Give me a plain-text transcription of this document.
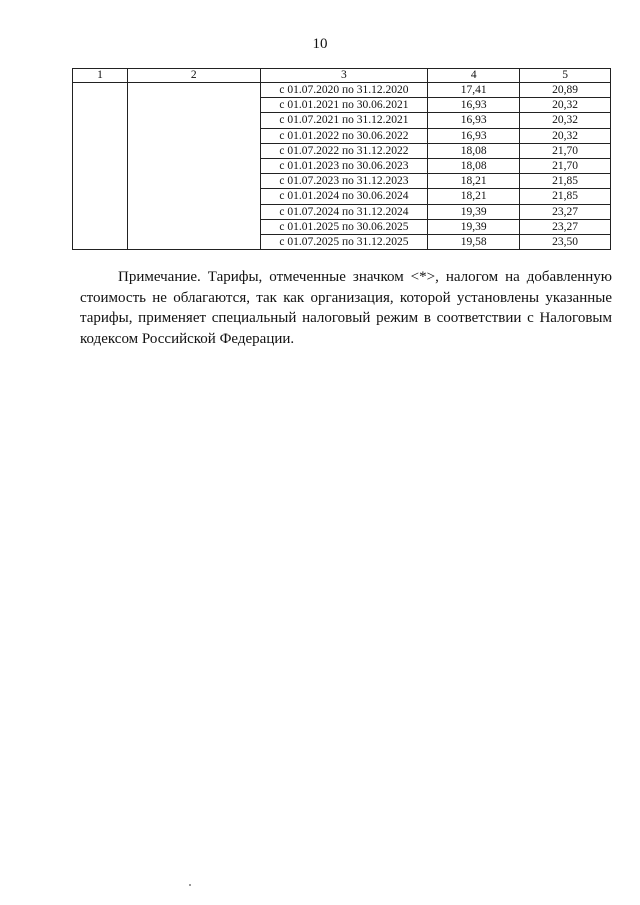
10
1	2	3	4	5
		с 01.07.2020 по 31.12.2020	17,41	20,89
		с 01.01.2021 по 30.06.2021	16,93	20,32
		с 01.07.2021 по 31.12.2021	16,93	20,32
		с 01.01.2022 по 30.06.2022	16,93	20,32
		с 01.07.2022 по 31.12.2022	18,08	21,70
		с 01.01.2023 по 30.06.2023	18,08	21,70
		с 01.07.2023 по 31.12.2023	18,21	21,85
		с 01.01.2024 по 30.06.2024	18,21	21,85
		с 01.07.2024 по 31.12.2024	19,39	23,27
		с 01.01.2025 по 30.06.2025	19,39	23,27
		с 01.07.2025 по 31.12.2025	19,58	23,50
Примечание. Тарифы, отмеченные значком <*>, налогом на добавленную стоимость не облагаются, так как организация, которой установлены указанные тарифы, применяет специальный налоговый режим в соответствии с Налоговым кодексом Российской Федерации.
